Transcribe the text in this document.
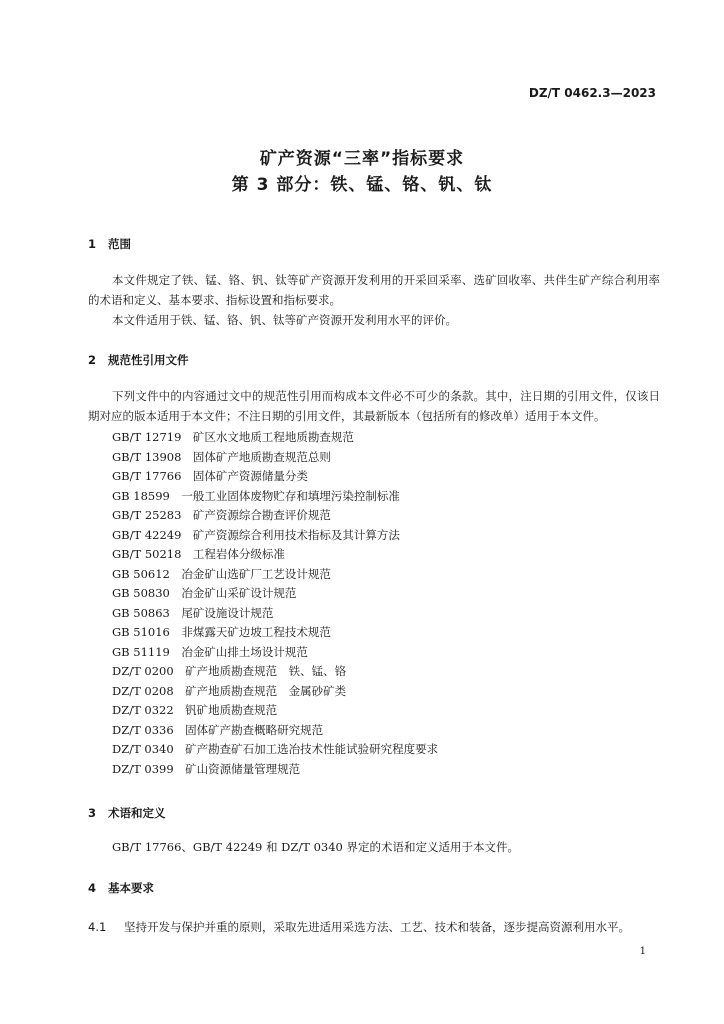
DZ/T 0462.3—2023
矿产资源“三率”指标要求
第 3 部分：铁、锰、铬、钒、钛
1 范围
本文件规定了铁、锰、铬、钒、钛等矿产资源开发利用的开采回采率、选矿回收率、共伴生矿产综合利用率的术语和定义、基本要求、指标设置和指标要求。
本文件适用于铁、锰、铬、钒、钛等矿产资源开发利用水平的评价。
2 规范性引用文件
下列文件中的内容通过文中的规范性引用而构成本文件必不可少的条款。其中，注日期的引用文件，仅该日期对应的版本适用于本文件；不注日期的引用文件，其最新版本（包括所有的修改单）适用于本文件。
GB/T 12719　矿区水文地质工程地质勘查规范
GB/T 13908　固体矿产地质勘查规范总则
GB/T 17766　固体矿产资源储量分类
GB 18599　一般工业固体废物贮存和填埋污染控制标准
GB/T 25283　矿产资源综合勘查评价规范
GB/T 42249　矿产资源综合利用技术指标及其计算方法
GB/T 50218　工程岩体分级标准
GB 50612　冶金矿山选矿厂工艺设计规范
GB 50830　冶金矿山采矿设计规范
GB 50863　尾矿设施设计规范
GB 51016　非煤露天矿边坡工程技术规范
GB 51119　冶金矿山排土场设计规范
DZ/T 0200　矿产地质勘查规范　铁、锰、铬
DZ/T 0208　矿产地质勘查规范　金属砂矿类
DZ/T 0322　钒矿地质勘查规范
DZ/T 0336　固体矿产勘查概略研究规范
DZ/T 0340　矿产勘查矿石加工选冶技术性能试验研究程度要求
DZ/T 0399　矿山资源储量管理规范
3 术语和定义
GB/T 17766、GB/T 42249 和 DZ/T 0340 界定的术语和定义适用于本文件。
4 基本要求
4.1 坚持开发与保护并重的原则，采取先进适用采选方法、工艺、技术和装备，逐步提高资源利用水平。
1
